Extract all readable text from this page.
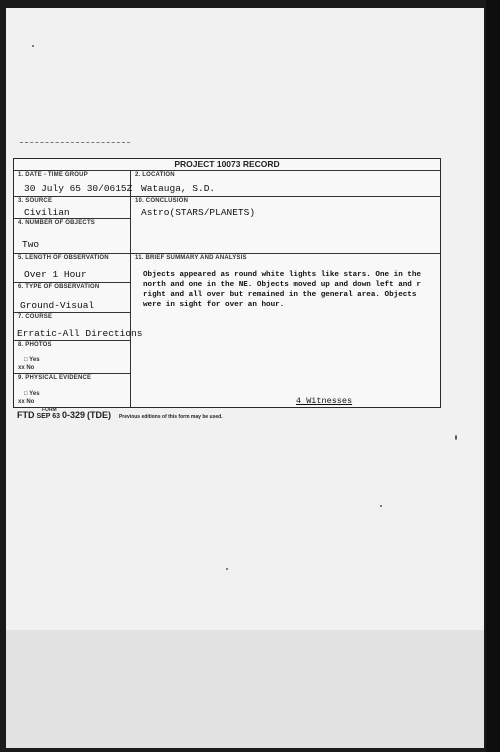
PROJECT 10073 RECORD
1. DATE - TIME GROUP
30 July 65 30/0615Z
3. SOURCE
Civilian
4. NUMBER OF OBJECTS
Two
5. LENGTH OF OBSERVATION
Over 1 Hour
6. TYPE OF OBSERVATION
Ground-Visual
7. COURSE
Erratic-All Directions
8. PHOTOS
□ Yes
xx No
9. PHYSICAL EVIDENCE
□ Yes
xx No
2. LOCATION
Watauga, S.D.
10. CONCLUSION
Astro(STARS/PLANETS)
11. BRIEF SUMMARY AND ANALYSIS
Objects appeared as round white lights like stars. One in the
north and one in the NE. Objects moved up and down left and r
right and all over but remained in the general area. Objects
were in sight for over an hour.
4 Witnesses
FORM
FTD SEP 63 0-329 (TDE) Previous editions of this form may be used.
